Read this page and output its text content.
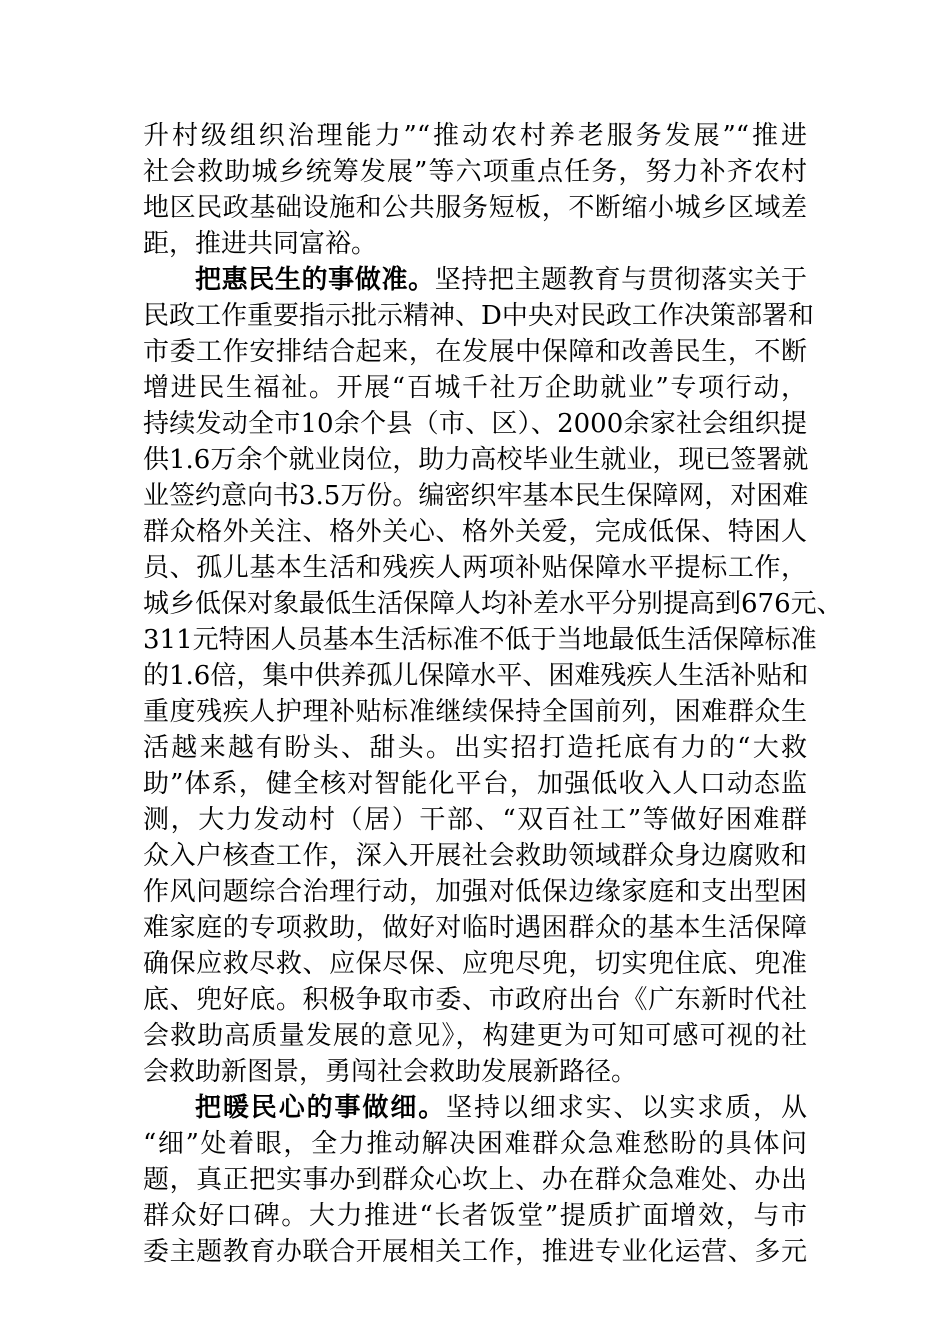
升村级组织治理能力”“推动农村养老服务发展”“推进
社会救助城乡统筹发展”等六项重点任务，努力补齐农村
地区民政基础设施和公共服务短板，不断缩小城乡区域差
距，推进共同富裕。
把惠民生的事做准。坚持把主题教育与贯彻落实关于
民政工作重要指示批示精神、D中央对民政工作决策部署和
市委工作安排结合起来，在发展中保障和改善民生，不断
增进民生福祉。开展“百城千社万企助就业”专项行动，
持续发动全市10余个县（市、区）、2000余家社会组织提
供1.6万余个就业岗位，助力高校毕业生就业，现已签署就
业签约意向书3.5万份。编密织牢基本民生保障网，对困难
群众格外关注、格外关心、格外关爱，完成低保、特困人
员、孤儿基本生活和残疾人两项补贴保障水平提标工作，
城乡低保对象最低生活保障人均补差水平分别提高到676元、
311元特困人员基本生活标准不低于当地最低生活保障标准
的1.6倍，集中供养孤儿保障水平、困难残疾人生活补贴和
重度残疾人护理补贴标准继续保持全国前列，困难群众生
活越来越有盼头、甜头。出实招打造托底有力的“大救
助”体系，健全核对智能化平台，加强低收入人口动态监
测，大力发动村（居）干部、“双百社工”等做好困难群
众入户核查工作，深入开展社会救助领域群众身边腐败和
作风问题综合治理行动，加强对低保边缘家庭和支出型困
难家庭的专项救助，做好对临时遇困群众的基本生活保障
确保应救尽救、应保尽保、应兜尽兜，切实兜住底、兜准
底、兜好底。积极争取市委、市政府出台《广东新时代社
会救助高质量发展的意见》，构建更为可知可感可视的社
会救助新图景，勇闯社会救助发展新路径。
把暖民心的事做细。坚持以细求实、以实求质，从
“细”处着眼，全力推动解决困难群众急难愁盼的具体问
题，真正把实事办到群众心坎上、办在群众急难处、办出
群众好口碑。大力推进“长者饭堂”提质扩面增效，与市
委主题教育办联合开展相关工作，推进专业化运营、多元
